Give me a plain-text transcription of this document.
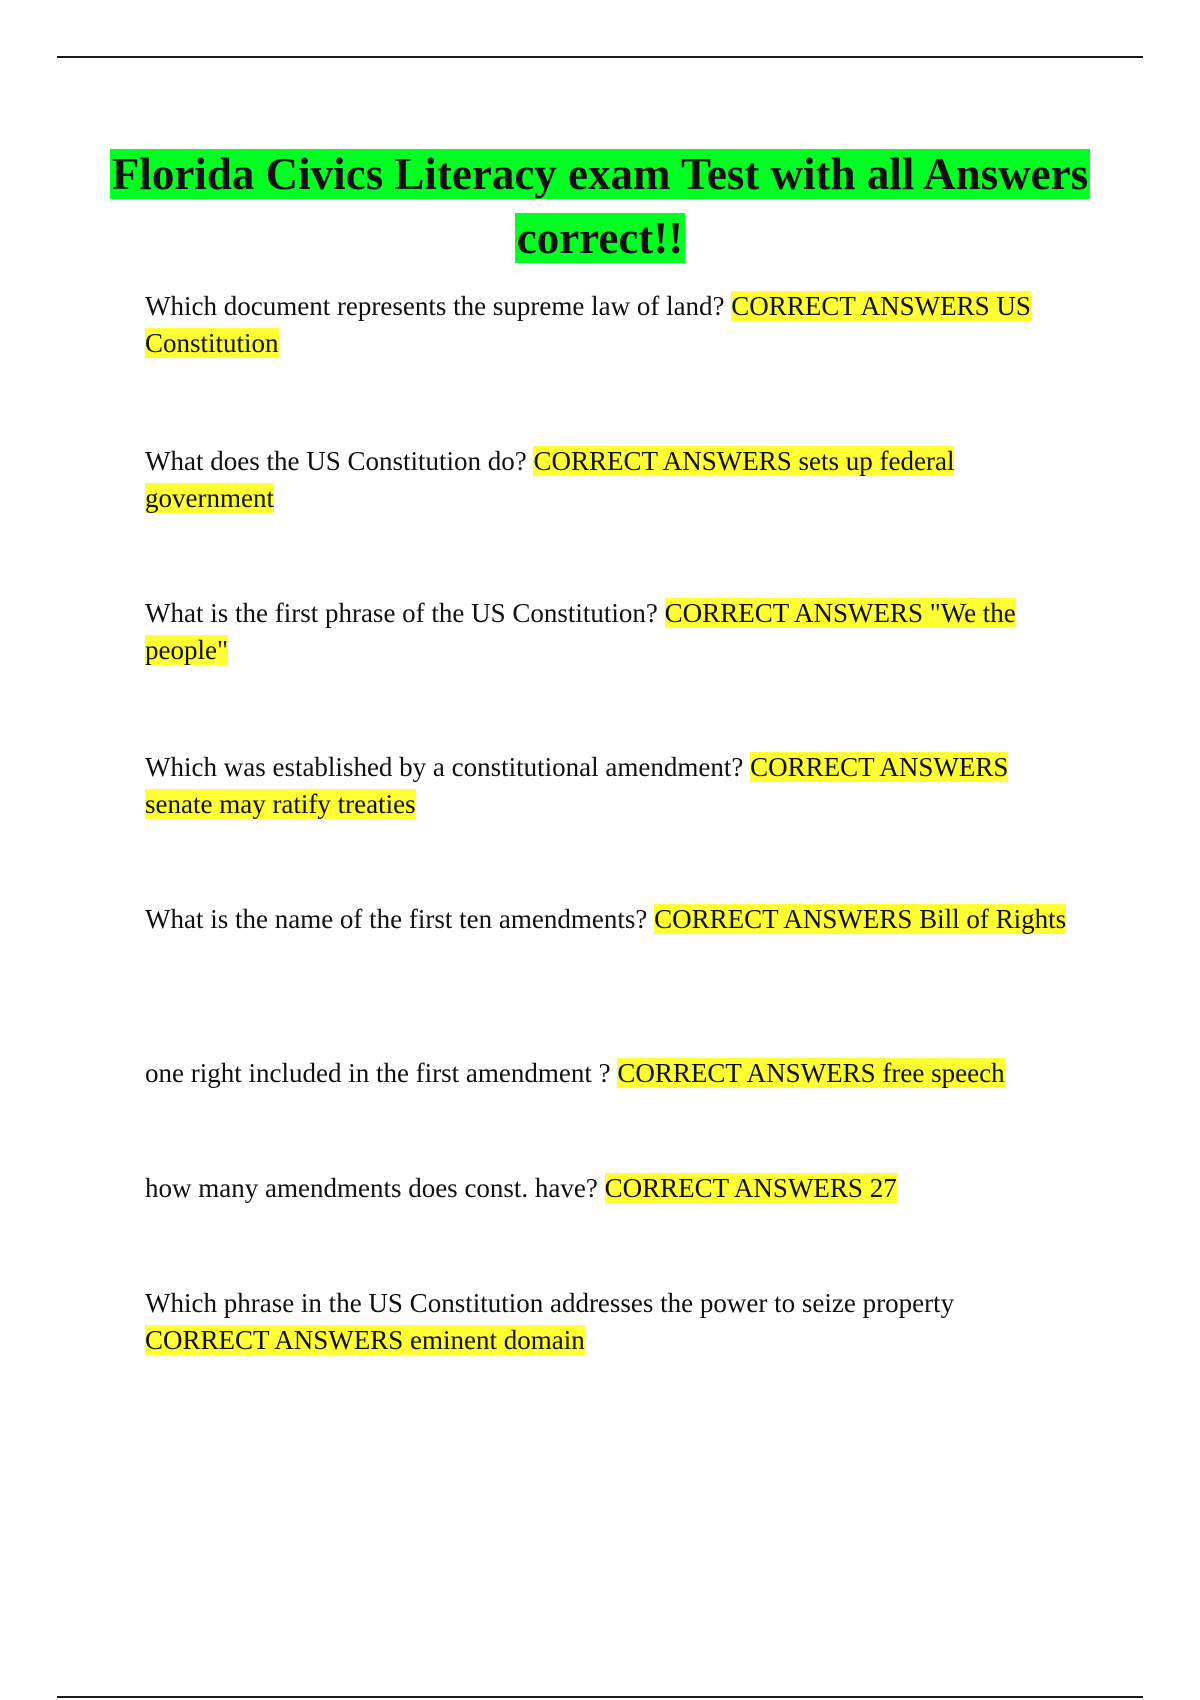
Florida Civics Literacy exam Test with all Answers correct!!

Which document represents the supreme law of land? CORRECT ANSWERS US Constitution

What does the US Constitution do? CORRECT ANSWERS sets up federal government

What is the first phrase of the US Constitution? CORRECT ANSWERS "We the people"

Which was established by a constitutional amendment? CORRECT ANSWERS senate may ratify treaties

What is the name of the first ten amendments? CORRECT ANSWERS Bill of Rights

one right included in the first amendment ? CORRECT ANSWERS free speech

how many amendments does const. have? CORRECT ANSWERS 27

Which phrase in the US Constitution addresses the power to seize property CORRECT ANSWERS eminent domain
